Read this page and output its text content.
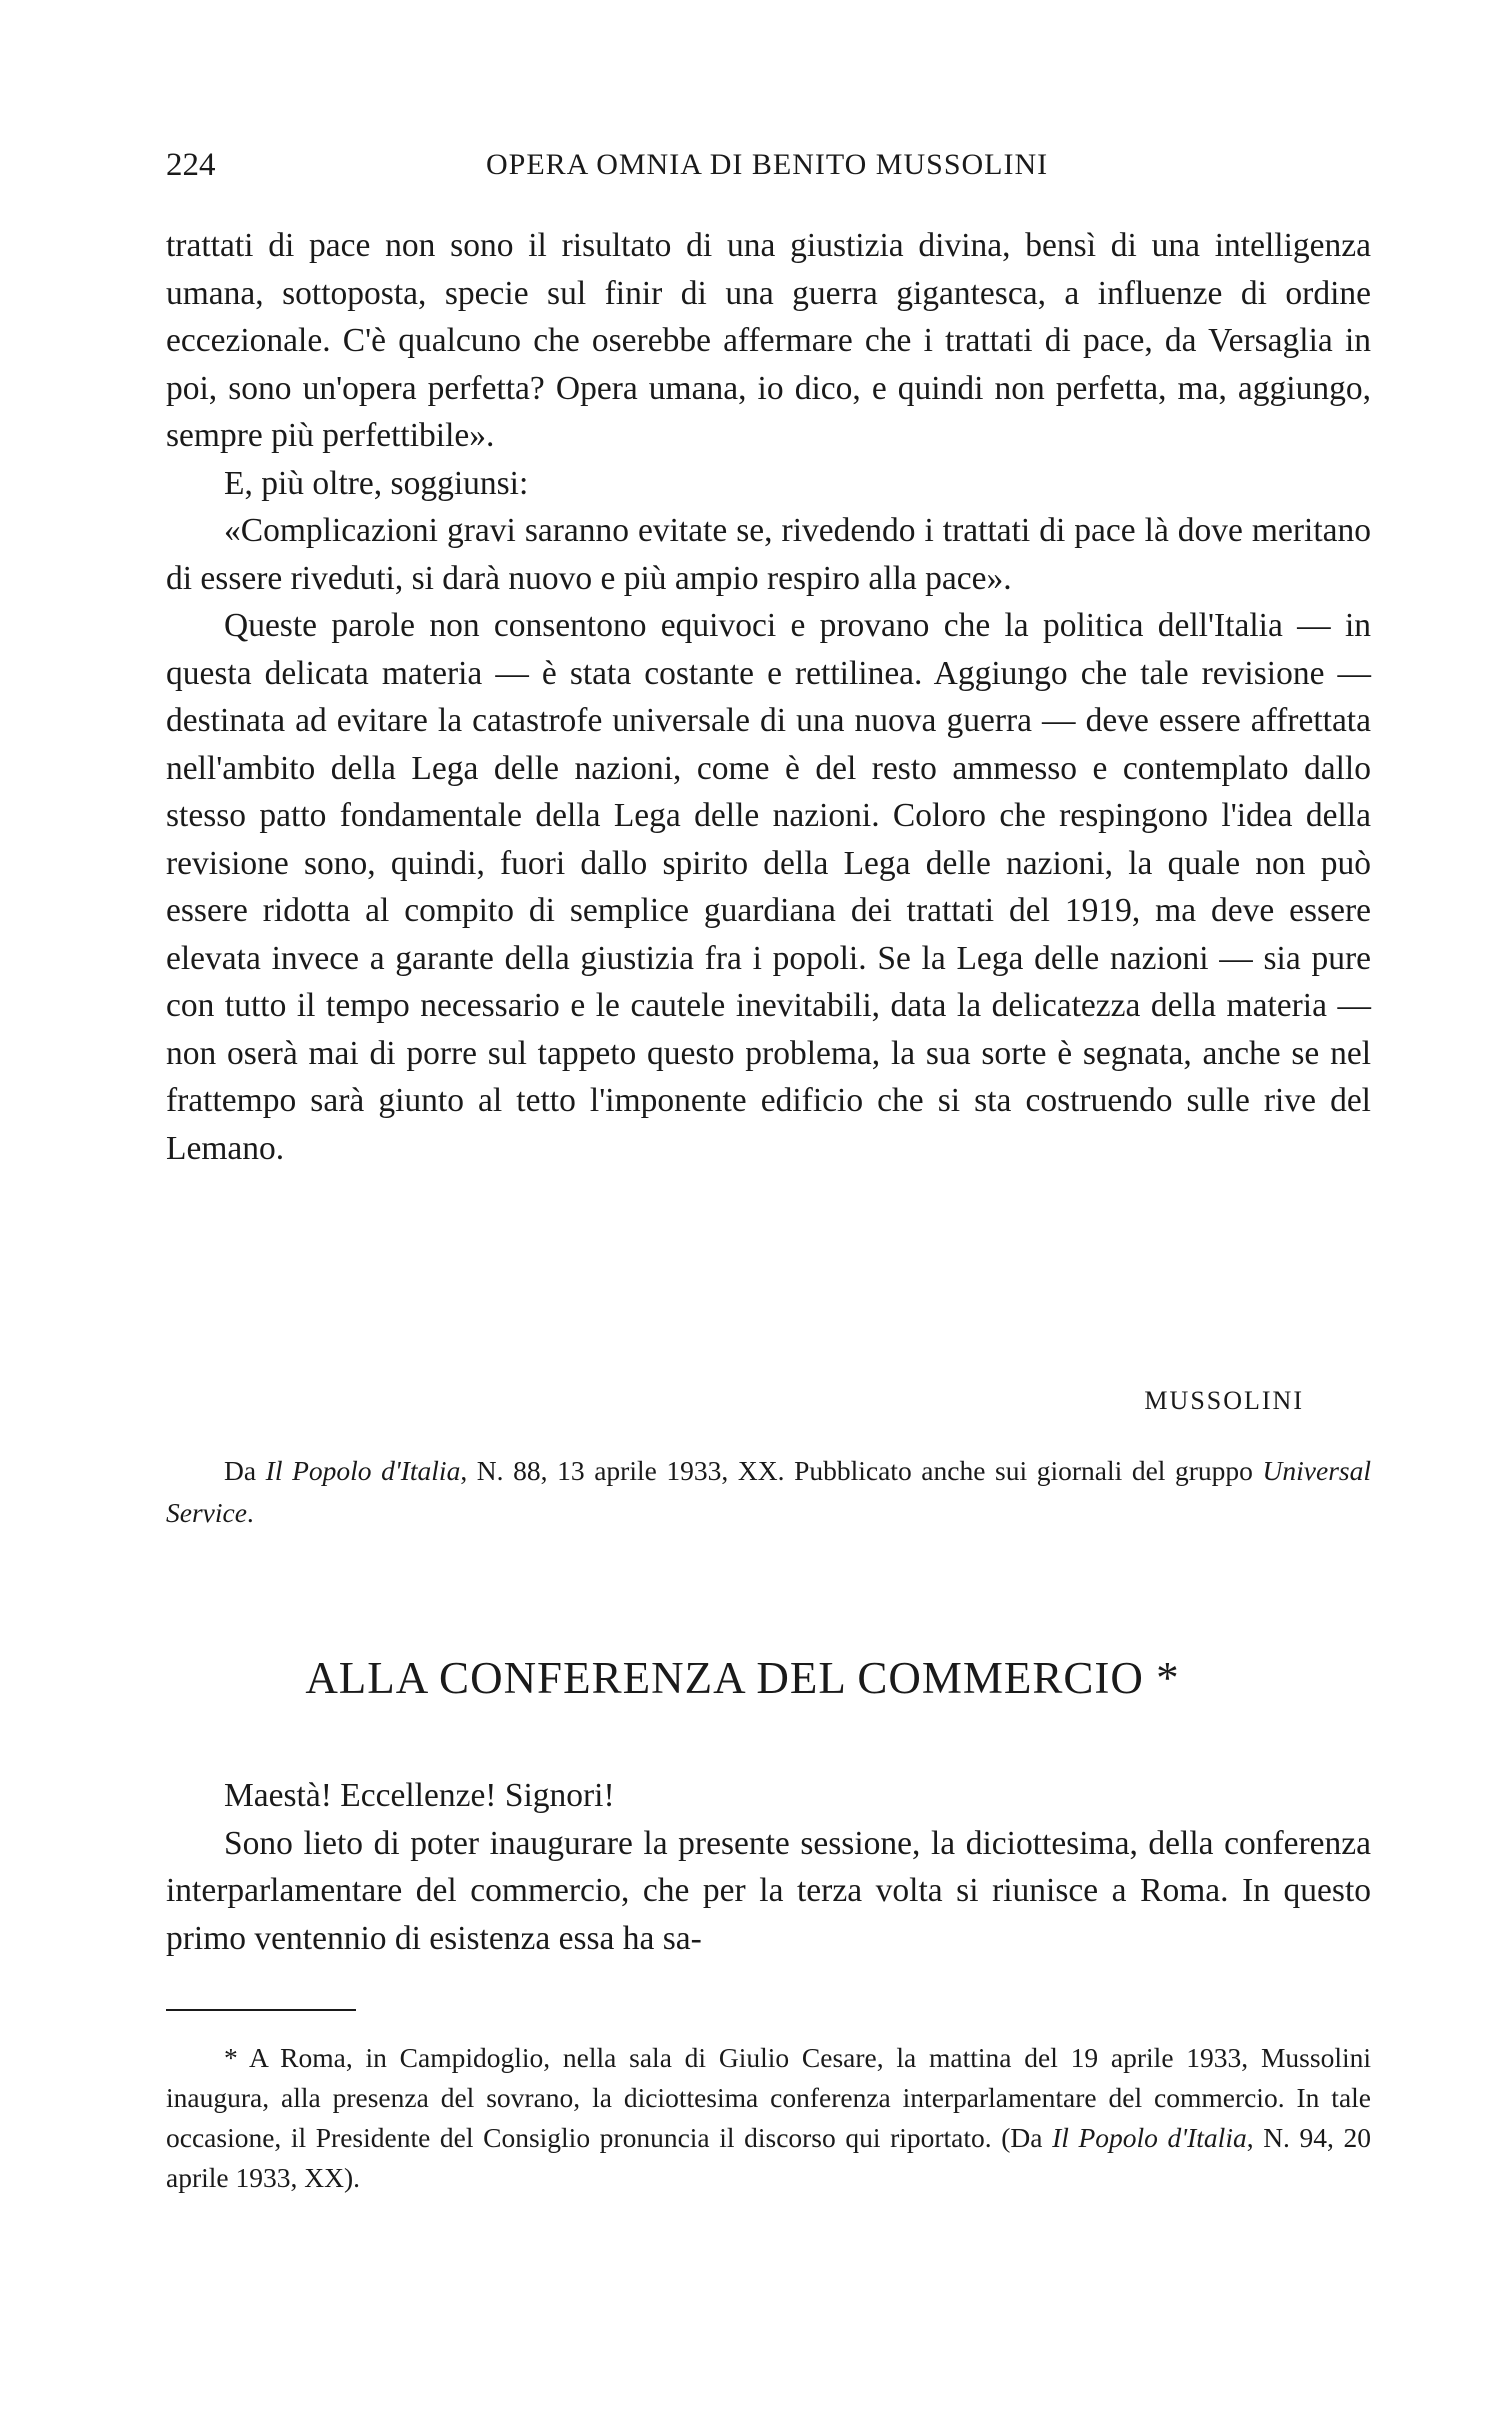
224	OPERA OMNIA DI BENITO MUSSOLINI

trattati di pace non sono il risultato di una giustizia divina, bensì di una intelligenza umana, sottoposta, specie sul finir di una guerra gigantesca, a influenze di ordine eccezionale. C'è qualcuno che oserebbe affermare che i trattati di pace, da Versaglia in poi, sono un'opera perfetta? Opera umana, io dico, e quindi non perfetta, ma, aggiungo, sempre più perfettibile».

E, più oltre, soggiunsi:

«Complicazioni gravi saranno evitate se, rivedendo i trattati di pace là dove meritano di essere riveduti, si darà nuovo e più ampio respiro alla pace».

Queste parole non consentono equivoci e provano che la politica dell'Italia — in questa delicata materia — è stata costante e rettilinea. Aggiungo che tale revisione — destinata ad evitare la catastrofe universale di una nuova guerra — deve essere affrettata nell'ambito della Lega delle nazioni, come è del resto ammesso e contemplato dallo stesso patto fondamentale della Lega delle nazioni. Coloro che respingono l'idea della revisione sono, quindi, fuori dallo spirito della Lega delle nazioni, la quale non può essere ridotta al compito di semplice guardiana dei trattati del 1919, ma deve essere elevata invece a garante della giustizia fra i popoli. Se la Lega delle nazioni — sia pure con tutto il tempo necessario e le cautele inevitabili, data la delicatezza della materia — non oserà mai di porre sul tappeto questo problema, la sua sorte è segnata, anche se nel frattempo sarà giunto al tetto l'imponente edificio che si sta costruendo sulle rive del Lemano.

MUSSOLINI

Da Il Popolo d'Italia, N. 88, 13 aprile 1933, XX. Pubblicato anche sui giornali del gruppo Universal Service.

ALLA CONFERENZA DEL COMMERCIO *

Maestà! Eccellenze! Signori!

Sono lieto di poter inaugurare la presente sessione, la diciottesima, della conferenza interparlamentare del commercio, che per la terza volta si riunisce a Roma. In questo primo ventennio di esistenza essa ha sa-

* A Roma, in Campidoglio, nella sala di Giulio Cesare, la mattina del 19 aprile 1933, Mussolini inaugura, alla presenza del sovrano, la diciottesima conferenza interparlamentare del commercio. In tale occasione, il Presidente del Consiglio pronuncia il discorso qui riportato. (Da Il Popolo d'Italia, N. 94, 20 aprile 1933, XX).
